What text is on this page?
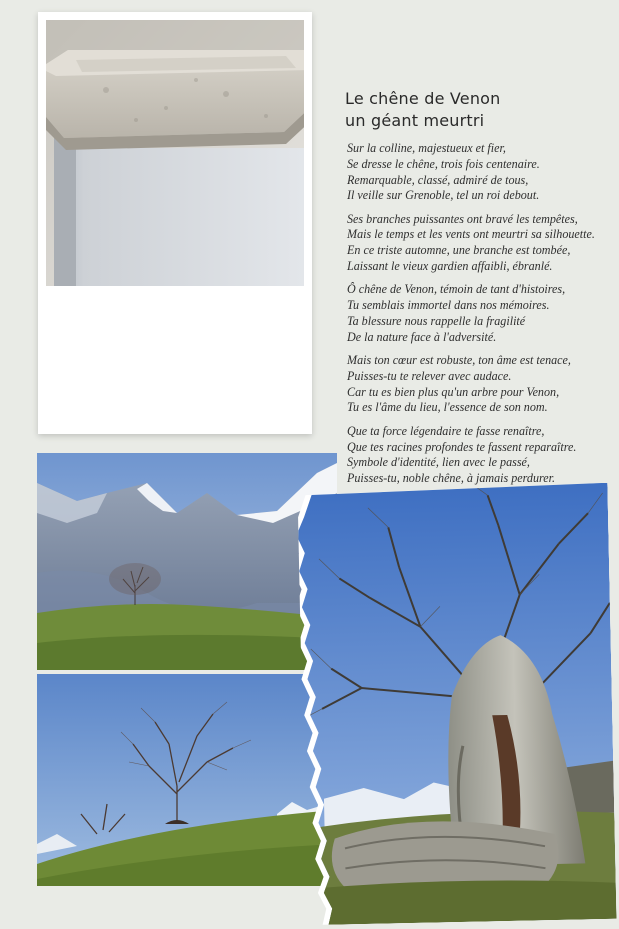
Le chêne de Venon
un géant meurtri
Sur la colline, majestueux et fier,
Se dresse le chêne, trois fois centenaire.
Remarquable, classé, admiré de tous,
Il veille sur Grenoble, tel un roi debout.
Ses branches puissantes ont bravé les tempêtes,
Mais le temps et les vents ont meurtri sa silhouette.
En ce triste automne, une branche est tombée,
Laissant le vieux gardien affaibli, ébranlé.
Ô chêne de Venon, témoin de tant d'histoires,
Tu semblais immortel dans nos mémoires.
Ta blessure nous rappelle la fragilité
De la nature face à l'adversité.
Mais ton cœur est robuste, ton âme est tenace,
Puisses-tu te relever avec audace.
Car tu es bien plus qu'un arbre pour Venon,
Tu es l'âme du lieu, l'essence de son nom.
Que ta force légendaire te fasse renaître,
Que tes racines profondes te fassent reparaître.
Symbole d'identité, lien avec le passé,
Puisses-tu, noble chêne, à jamais perdurer.
